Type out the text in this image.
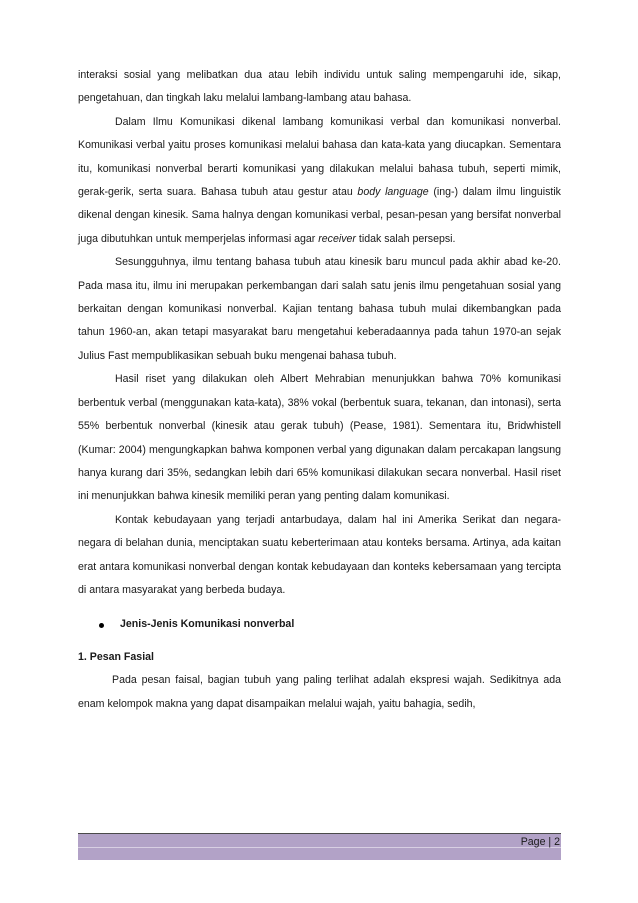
interaksi sosial yang melibatkan dua atau lebih individu untuk saling mempengaruhi ide, sikap, pengetahuan, dan tingkah laku melalui lambang-lambang atau bahasa.

Dalam Ilmu Komunikasi dikenal lambang komunikasi verbal dan komunikasi nonverbal. Komunikasi verbal yaitu proses komunikasi melalui bahasa dan kata-kata yang diucapkan. Sementara itu, komunikasi nonverbal berarti komunikasi yang dilakukan melalui bahasa tubuh, seperti mimik, gerak-gerik, serta suara. Bahasa tubuh atau gestur atau body language (ing-) dalam ilmu linguistik dikenal dengan kinesik. Sama halnya dengan komunikasi verbal, pesan-pesan yang bersifat nonverbal juga dibutuhkan untuk memperjelas informasi agar receiver tidak salah persepsi.

Sesungguhnya, ilmu tentang bahasa tubuh atau kinesik baru muncul pada akhir abad ke-20. Pada masa itu, ilmu ini merupakan perkembangan dari salah satu jenis ilmu pengetahuan sosial yang berkaitan dengan komunikasi nonverbal. Kajian tentang bahasa tubuh mulai dikembangkan pada tahun 1960-an, akan tetapi masyarakat baru mengetahui keberadaannya pada tahun 1970-an sejak Julius Fast mempublikasikan sebuah buku mengenai bahasa tubuh.

Hasil riset yang dilakukan oleh Albert Mehrabian menunjukkan bahwa 70% komunikasi berbentuk verbal (menggunakan kata-kata), 38% vokal (berbentuk suara, tekanan, dan intonasi), serta 55% berbentuk nonverbal (kinesik atau gerak tubuh) (Pease, 1981). Sementara itu, Bridwhistell (Kumar: 2004) mengungkapkan bahwa komponen verbal yang digunakan dalam percakapan langsung hanya kurang dari 35%, sedangkan lebih dari 65% komunikasi dilakukan secara nonverbal. Hasil riset ini menunjukkan bahwa kinesik memiliki peran yang penting dalam komunikasi.

Kontak kebudayaan yang terjadi antarbudaya, dalam hal ini Amerika Serikat dan negara-negara di belahan dunia, menciptakan suatu keberterimaan atau konteks bersama. Artinya, ada kaitan erat antara komunikasi nonverbal dengan kontak kebudayaan dan konteks kebersamaan yang tercipta di antara masyarakat yang berbeda budaya.

Jenis-Jenis Komunikasi nonverbal

1. Pesan Fasial

Pada pesan faisal, bagian tubuh yang paling terlihat adalah ekspresi wajah. Sedikitnya ada enam kelompok makna yang dapat disampaikan melalui wajah, yaitu bahagia, sedih,

Page | 2
